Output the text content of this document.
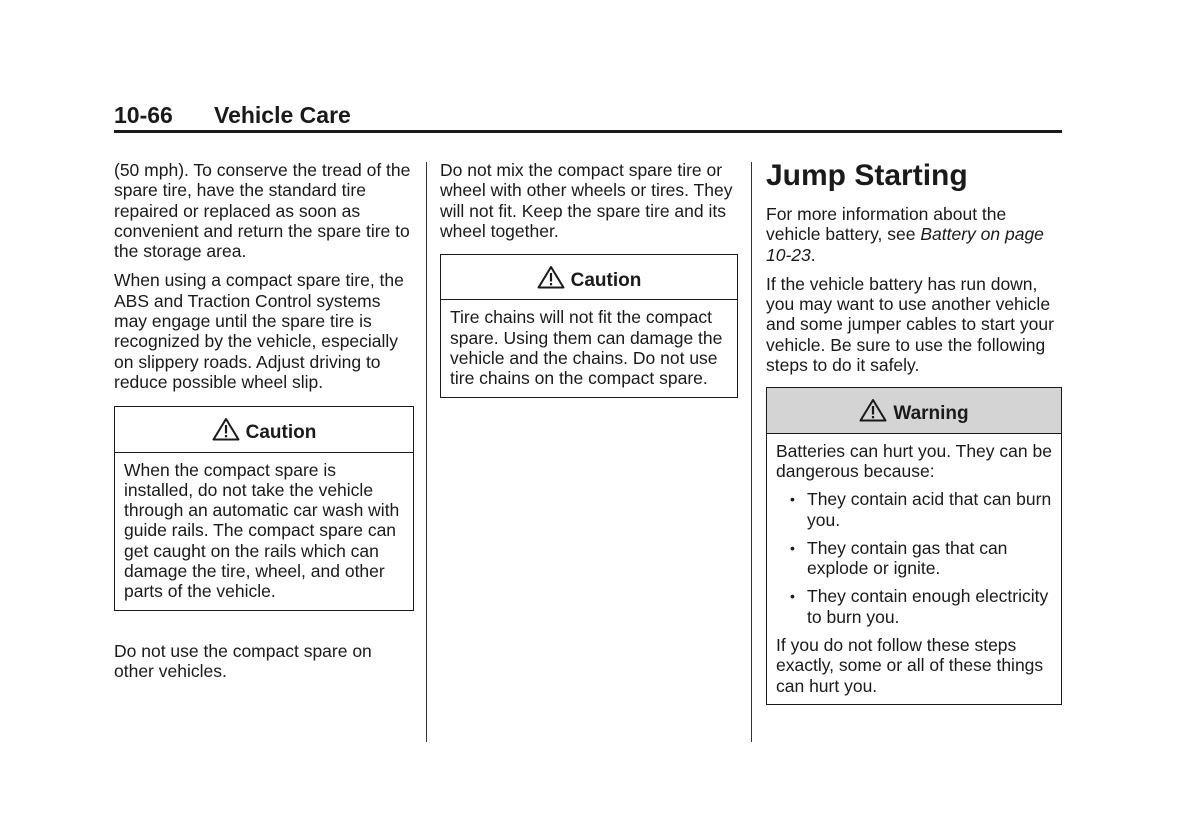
10-66 Vehicle Care

(50 mph). To conserve the tread of the spare tire, have the standard tire repaired or replaced as soon as convenient and return the spare tire to the storage area.

When using a compact spare tire, the ABS and Traction Control systems may engage until the spare tire is recognized by the vehicle, especially on slippery roads. Adjust driving to reduce possible wheel slip.

Caution

When the compact spare is installed, do not take the vehicle through an automatic car wash with guide rails. The compact spare can get caught on the rails which can damage the tire, wheel, and other parts of the vehicle.

Do not use the compact spare on other vehicles.

Do not mix the compact spare tire or wheel with other wheels or tires. They will not fit. Keep the spare tire and its wheel together.

Caution

Tire chains will not fit the compact spare. Using them can damage the vehicle and the chains. Do not use tire chains on the compact spare.

Jump Starting

For more information about the vehicle battery, see Battery on page 10-23.

If the vehicle battery has run down, you may want to use another vehicle and some jumper cables to start your vehicle. Be sure to use the following steps to do it safely.

Warning

Batteries can hurt you. They can be dangerous because:

• They contain acid that can burn you.
• They contain gas that can explode or ignite.
• They contain enough electricity to burn you.

If you do not follow these steps exactly, some or all of these things can hurt you.
